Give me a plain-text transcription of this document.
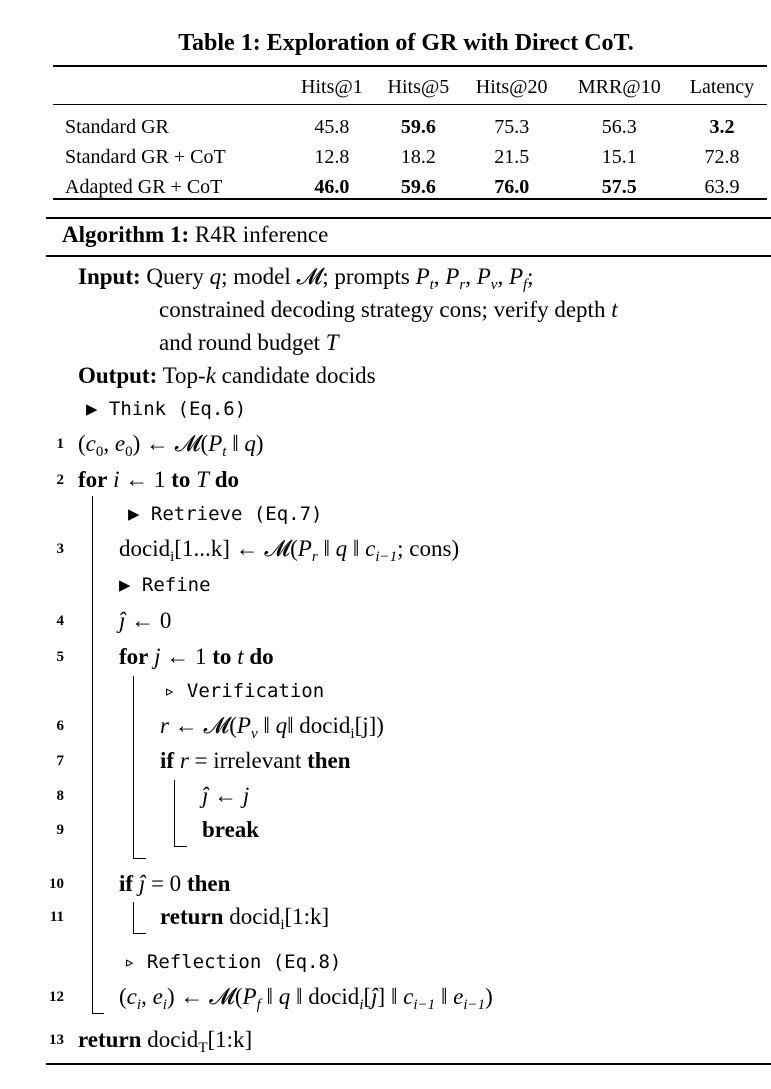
Table 1: Exploration of GR with Direct CoT.
	Hits@1	Hits@5	Hits@20	MRR@10	Latency

Standard GR	45.8	59.6	75.3	56.3	3.2
Standard GR + CoT	12.8	18.2	21.5	15.1	72.8
Adapted GR + CoT	46.0	59.6	76.0	57.5	63.9
Algorithm 1: R4R inference
Input: Query q; model 𝓜; prompts $P_t$, $P_r$, $P_v$, $P_f$;
constrained decoding strategy cons; verify depth t
and round budget T
Output: Top-k candidate docids
▶ Think (Eq.6)
1 ($c_0$, $e_0$) ← $𝓜(P_t$ ‖ q)
2 for i ← 1 to T do
▶ Retrieve (Eq.7)
3 docid$_i$[1...k] ← $𝓜(P_r$ ‖ q ‖ $c_{i-1}$; cons)
▶ Refine
4 ĵ ← 0
5 for j ← 1 to t do
▹ Verification
6	r ← $𝓜(P_v$ ‖ q‖ docid$_i$[j])
7	if r = irrelevant then
8	ĵ ← j
9	break
10 if ĵ = 0 then
11	return docid$_i$[1:k]
▹ Reflection (Eq.8)
12 ($c_i$, $e_i$) ← $𝓜(P_f$ ‖ q ‖ docid$_i$[ĵ] ‖ $c_{i-1}$ ‖ $e_{i-1}$)
13 return docid$_T$[1:k]
